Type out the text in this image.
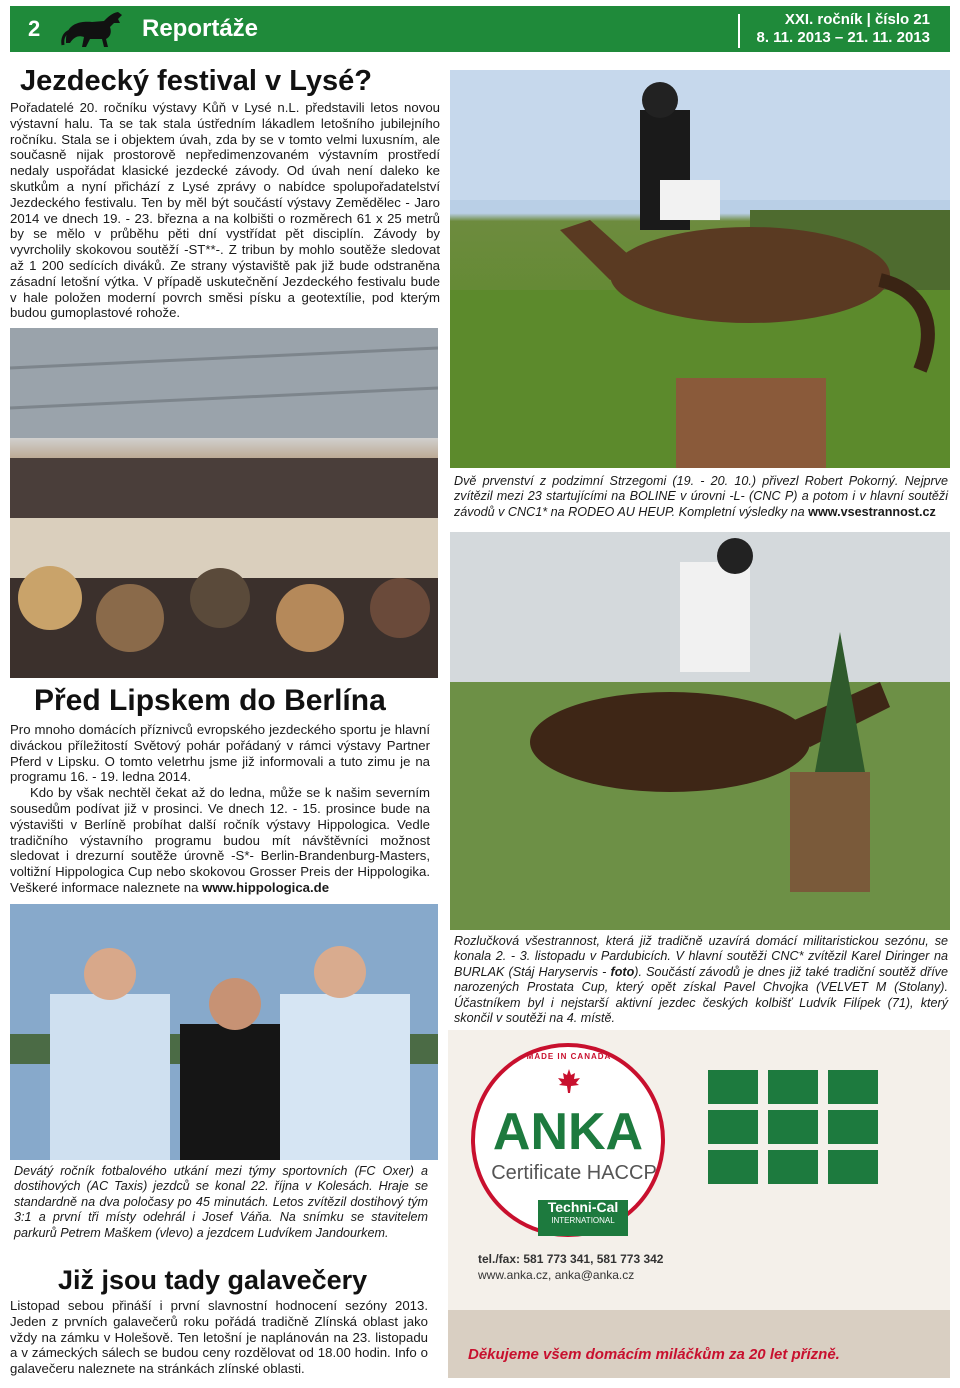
2	Reportáže	XXI. ročník | číslo 21
8. 11. 2013 – 21. 11. 2013
Jezdecký festival v Lysé?

Pořadatelé 20. ročníku výstavy Kůň v Lysé n.L. představili letos novou výstavní halu. Ta se tak stala ústředním lákadlem letošního jubilejního ročníku. Stala se i objektem úvah, zda by se v tomto velmi luxusním, ale současně nijak prostorově nepředimenzovaném výstavním prostředí nedaly uspořádat klasické jezdecké závody. Od úvah není daleko ke skutkům a nyní přichází z Lysé zprávy o nabídce spolupořadatelství Jezdeckého festivalu. Ten by měl být součástí výstavy Zemědělec - Jaro 2014 ve dnech 19. - 23. března a na kolbišti o rozměrech 61 x 25 metrů by se mělo v průběhu pěti dní vystřídat pět disciplín. Závody by vyvrcholily skokovou soutěží -ST**-. Z tribun by mohlo soutěže sledovat až 1 200 sedících diváků. Ze strany výstaviště pak již bude odstraněna zásadní letošní výtka. V případě uskutečnění Jezdeckého festivalu bude v hale položen moderní povrch směsi písku a geotextílie, pod kterým budou gumoplastové rohože.

Dvě prvenství z podzimní Strzegomi (19. - 20. 10.) přivezl Robert Pokorný. Nejprve zvítězil mezi 23 startujícími na BOLINE v úrovni -L- (CNC P) a potom i v hlavní soutěži závodů v CNC1* na RODEO AU HEUP. Kompletní výsledky na www.vsestrannost.cz

Před Lipskem do Berlína

Pro mnoho domácích příznivců evropského jezdeckého sportu je hlavní diváckou příležitostí Světový pohár pořádaný v rámci výstavy Partner Pferd v Lipsku. O tomto veletrhu jsme již informovali a tuto zimu je na programu 16. - 19. ledna 2014.

Kdo by však nechtěl čekat až do ledna, může se k našim severním sousedům podívat již v prosinci. Ve dnech 12. - 15. prosince bude na výstavišti v Berlíně probíhat další ročník výstavy Hippologica. Vedle tradičního výstavního programu budou mít návštěvníci možnost sledovat i drezurní soutěže úrovně -S*- Berlin-Brandenburg-Masters, voltižní Hippologica Cup nebo skokovou Grosser Preis der Hippologika. Veškeré informace naleznete na www.hippologica.de

Rozlučková všestrannost, která již tradičně uzavírá domácí militaristickou sezónu, se konala 2. - 3. listopadu v Pardubicích. V hlavní soutěži CNC* zvítězil Karel Diringer na BURLAK (Stáj Haryservis - foto). Součástí závodů je dnes již také tradiční soutěž dříve narozených Prostata Cup, který opět získal Pavel Chvojka (VELVET M (Stolany). Účastníkem byl i nejstarší aktivní jezdec českých kolbišť Ludvík Filípek (71), který skončil v soutěži na 4. místě.

Devátý ročník fotbalového utkání mezi týmy sportovních (FC Oxer) a dostihových (AC Taxis) jezdců se konal 22. října v Kolesách. Hraje se standardně na dva poločasy po 45 minutách. Letos zvítězil dostihový tým 3:1 a první tři místy odehrál i Josef Váňa. Na snímku se stavitelem parkurů Petrem Maškem (vlevo) a jezdcem Ludvíkem Jandourkem.

Již jsou tady galavečery

Listopad sebou přináší i první slavnostní hodnocení sezóny 2013. Jeden z prvních galavečerů roku pořádá tradičně Zlínská oblast jako vždy na zámku v Holešově. Ten letošní je naplánován na 23. listopadu a v zámeckých sálech se budou ceny rozdělovat od 18.00 hodin. Info o galavečeru naleznete na stránkách zlínské oblasti.

MADE IN CANADA
ANKA
Certificate HACCP
Techni-Cal
INTERNATIONAL
tel./fax: 581 773 341, 581 773 342
www.anka.cz, anka@anka.cz
Děkujeme všem domácím miláčkům za 20 let přízně.
